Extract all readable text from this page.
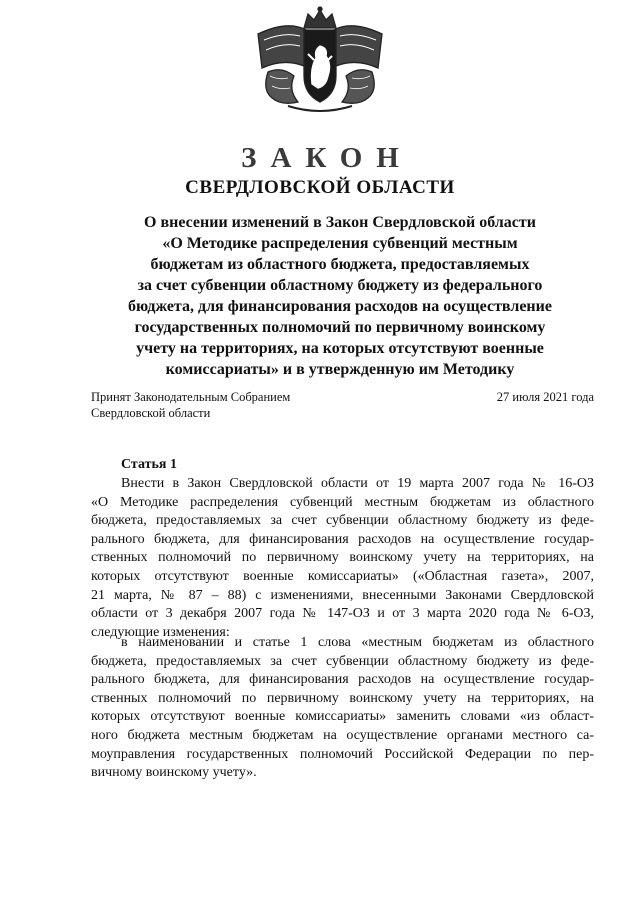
ЗАКОН
СВЕРДЛОВСКОЙ ОБЛАСТИ
О внесении изменений в Закон Свердловской области
«О Методике распределения субвенций местным
бюджетам из областного бюджета, предоставляемых
за счет субвенции областному бюджету из федерального
бюджета, для финансирования расходов на осуществление
государственных полномочий по первичному воинскому
учету на территориях, на которых отсутствуют военные
комиссариаты» и в утвержденную им Методику
Принят Законодательным Собранием
Свердловской области
27 июля 2021 года
Статья 1
Внести в Закон Свердловской области от 19 марта 2007 года № 16-ОЗ
«О Методике распределения субвенций местным бюджетам из областного
бюджета, предоставляемых за счет субвенции областному бюджету из феде-
рального бюджета, для финансирования расходов на осуществление государ-
ственных полномочий по первичному воинскому учету на территориях, на
которых отсутствуют военные комиссариаты» («Областная газета», 2007,
21 марта, № 87 – 88) с изменениями, внесенными Законами Свердловской
области от 3 декабря 2007 года № 147-ОЗ и от 3 марта 2020 года № 6-ОЗ,
следующие изменения:
в наименовании и статье 1 слова «местным бюджетам из областного
бюджета, предоставляемых за счет субвенции областному бюджету из феде-
рального бюджета, для финансирования расходов на осуществление государ-
ственных полномочий по первичному воинскому учету на территориях, на
которых отсутствуют военные комиссариаты» заменить словами «из област-
ного бюджета местным бюджетам на осуществление органами местного са-
моуправления государственных полномочий Российской Федерации по пер-
вичному воинскому учету».
